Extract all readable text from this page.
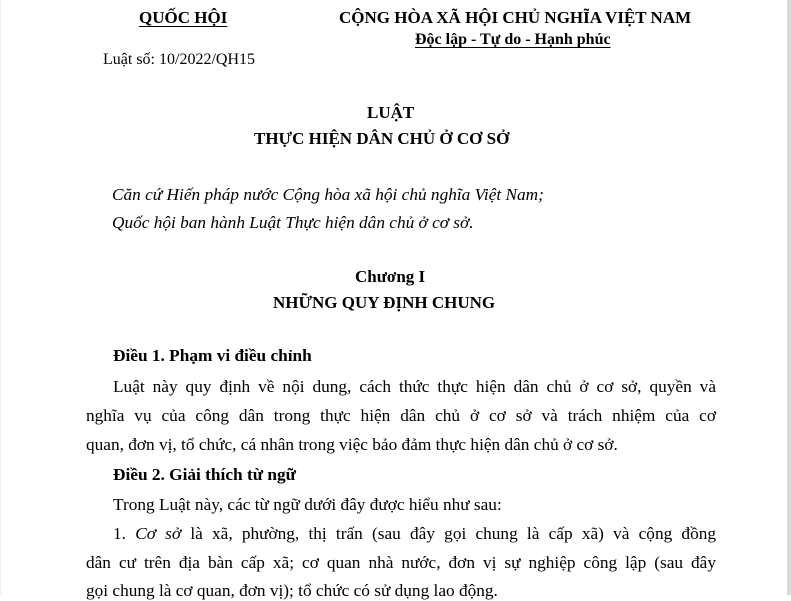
QUỐC HỘI	CỘNG HÒA XÃ HỘI CHỦ NGHĨA VIỆT NAM
Độc lập - Tự do - Hạnh phúc
Luật số: 10/2022/QH15
LUẬT
THỰC HIỆN DÂN CHỦ Ở CƠ SỞ
Căn cứ Hiến pháp nước Cộng hòa xã hội chủ nghĩa Việt Nam;
Quốc hội ban hành Luật Thực hiện dân chủ ở cơ sở.
Chương I
NHỮNG QUY ĐỊNH CHUNG
Điều 1. Phạm vi điều chỉnh
Luật này quy định về nội dung, cách thức thực hiện dân chủ ở cơ sở, quyền và
nghĩa vụ của công dân trong thực hiện dân chủ ở cơ sở và trách nhiệm của cơ
quan, đơn vị, tổ chức, cá nhân trong việc bảo đảm thực hiện dân chủ ở cơ sở.
Điều 2. Giải thích từ ngữ
Trong Luật này, các từ ngữ dưới đây được hiểu như sau:
1. Cơ sở là xã, phường, thị trấn (sau đây gọi chung là cấp xã) và cộng đồng
dân cư trên địa bàn cấp xã; cơ quan nhà nước, đơn vị sự nghiệp công lập (sau đây
gọi chung là cơ quan, đơn vị); tổ chức có sử dụng lao động.
